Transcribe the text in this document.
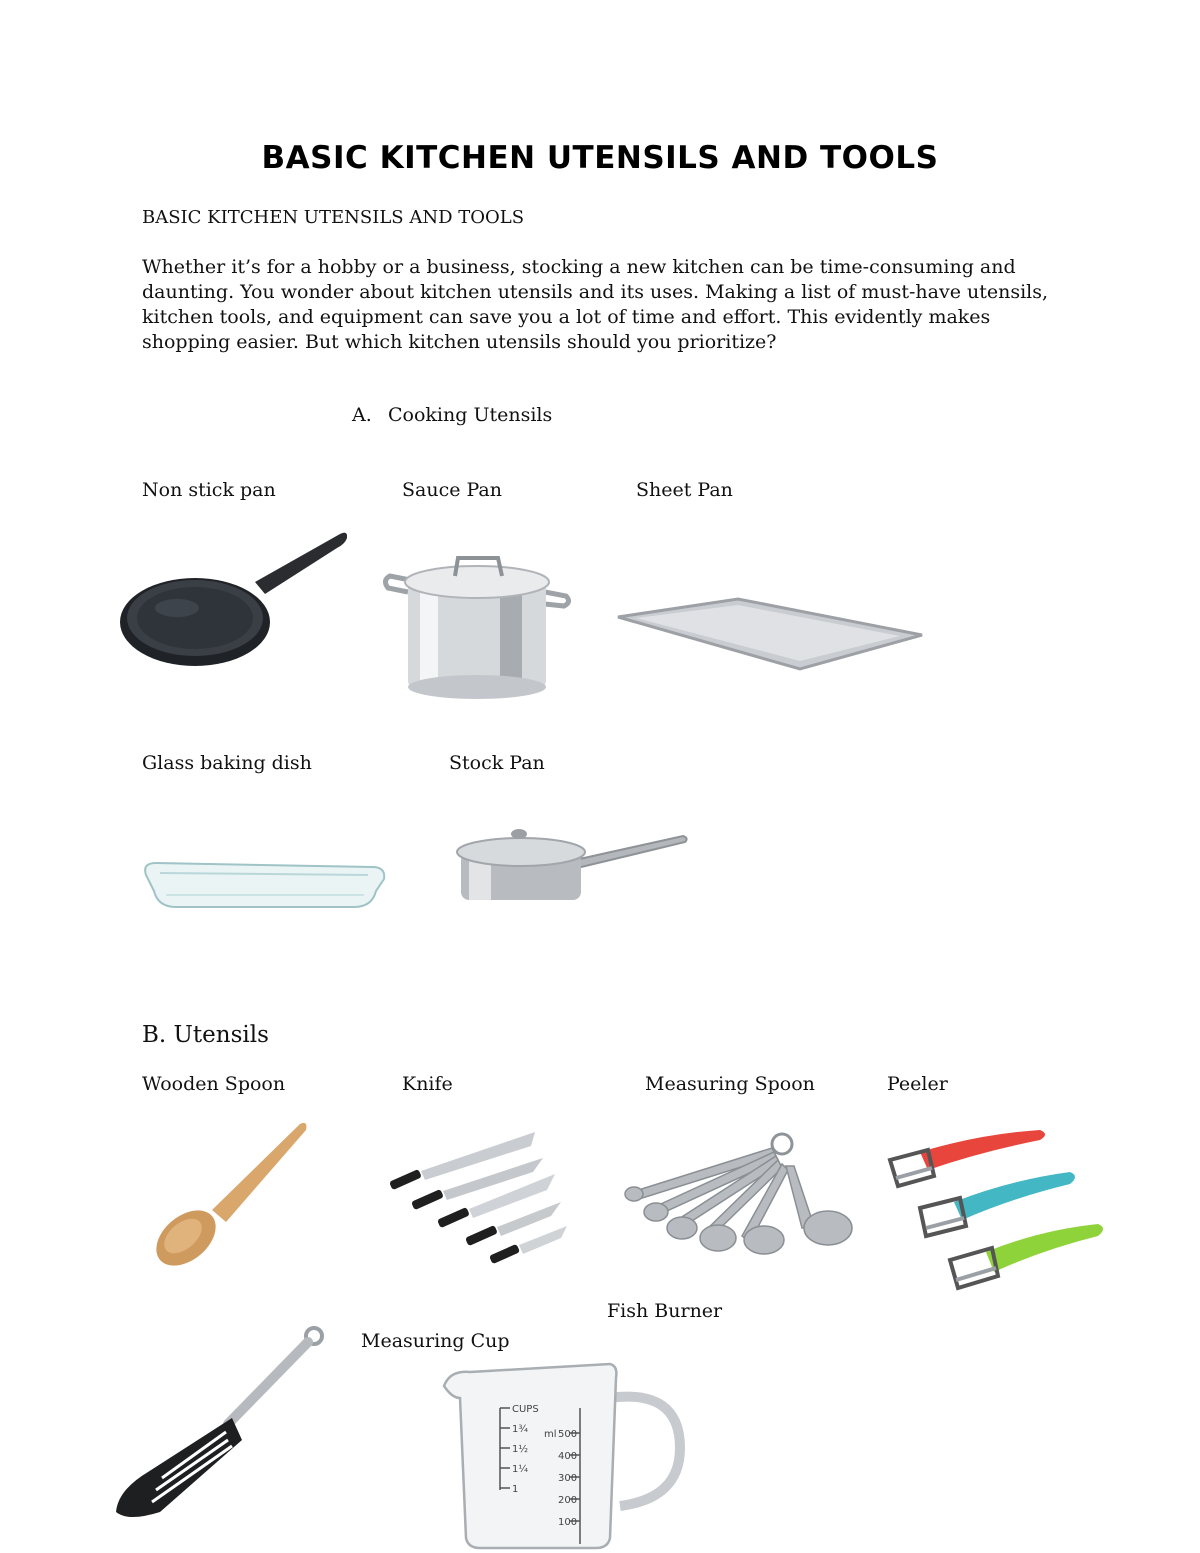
BASIC KITCHEN UTENSILS AND TOOLS
BASIC KITCHEN UTENSILS AND TOOLS
Whether it’s for a hobby or a business, stocking a new kitchen can be time-consuming and daunting. You wonder about kitchen utensils and its uses. Making a list of must-have utensils, kitchen tools, and equipment can save you a lot of time and effort. This evidently makes shopping easier. But which kitchen utensils should you prioritize?
A. Cooking Utensils
Non stick pan	Sauce Pan	Sheet Pan
Glass baking dish	Stock Pan
B. Utensils
Wooden Spoon	Knife	Measuring Spoon	Peeler
Fish Burner
Measuring Cup
CUPS
1¾
1½
1¼
1
ml 500
400
300
200
100
